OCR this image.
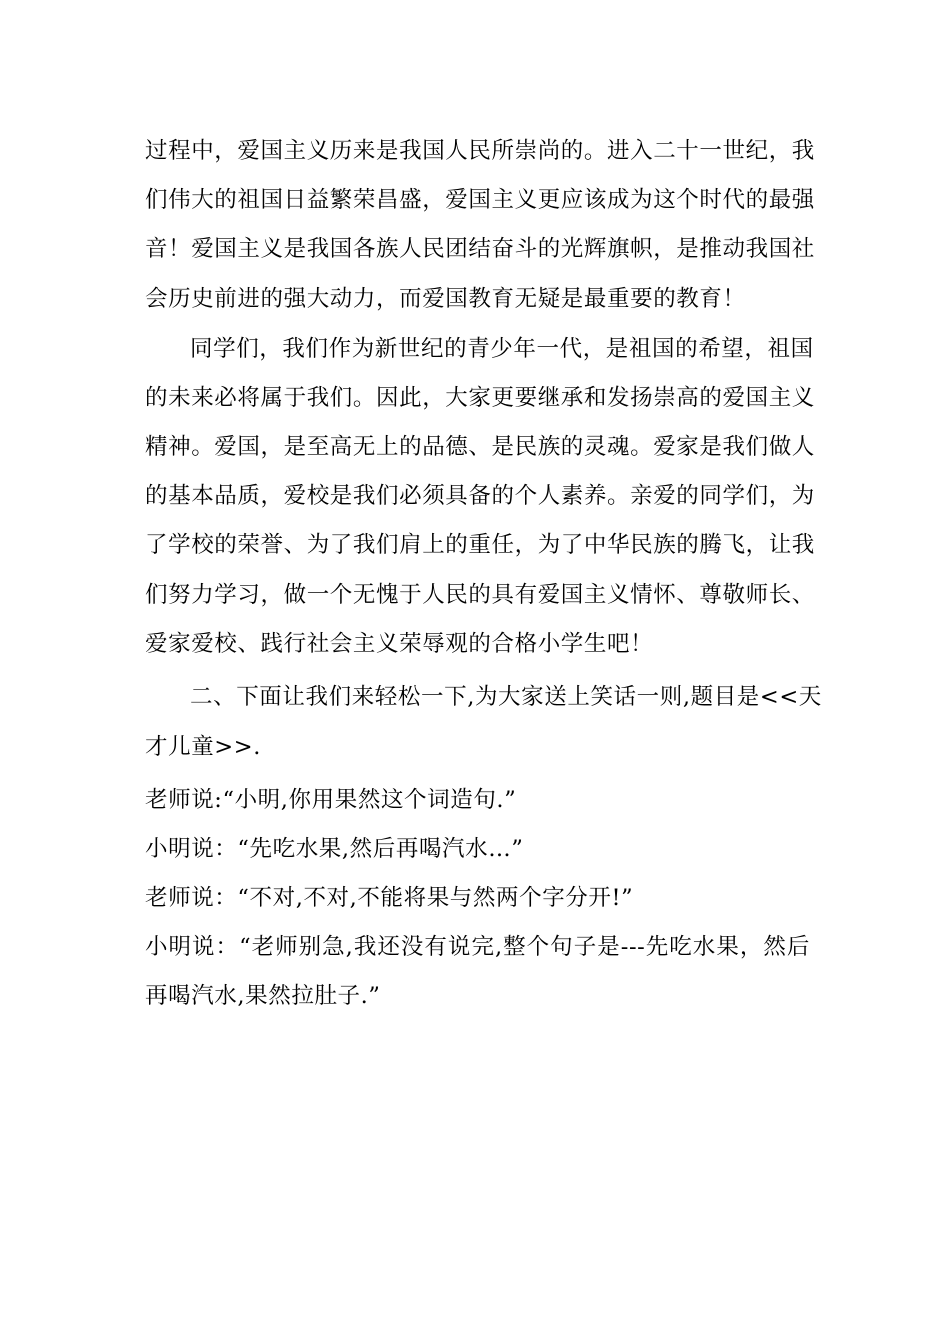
过程中，爱国主义历来是我国人民所崇尚的。进入二十一世纪，我
们伟大的祖国日益繁荣昌盛，爱国主义更应该成为这个时代的最强
音！爱国主义是我国各族人民团结奋斗的光辉旗帜，是推动我国社
会历史前进的强大动力，而爱国教育无疑是最重要的教育！
同学们，我们作为新世纪的青少年一代，是祖国的希望，祖国
的未来必将属于我们。因此，大家更要继承和发扬崇高的爱国主义
精神。爱国，是至高无上的品德、是民族的灵魂。爱家是我们做人
的基本品质，爱校是我们必须具备的个人素养。亲爱的同学们，为
了学校的荣誉、为了我们肩上的重任，为了中华民族的腾飞，让我
们努力学习，做一个无愧于人民的具有爱国主义情怀、尊敬师长、
爱家爱校、践行社会主义荣辱观的合格小学生吧！
二、下面让我们来轻松一下,为大家送上笑话一则,题目是<<天
才儿童>>.
老师说:“小明,你用果然这个词造句.”
小明说：“先吃水果,然后再喝汽水…”
老师说：“不对,不对,不能将果与然两个字分开!”
小明说：“老师别急,我还没有说完,整个句子是---先吃水果，然后
再喝汽水,果然拉肚子.”
